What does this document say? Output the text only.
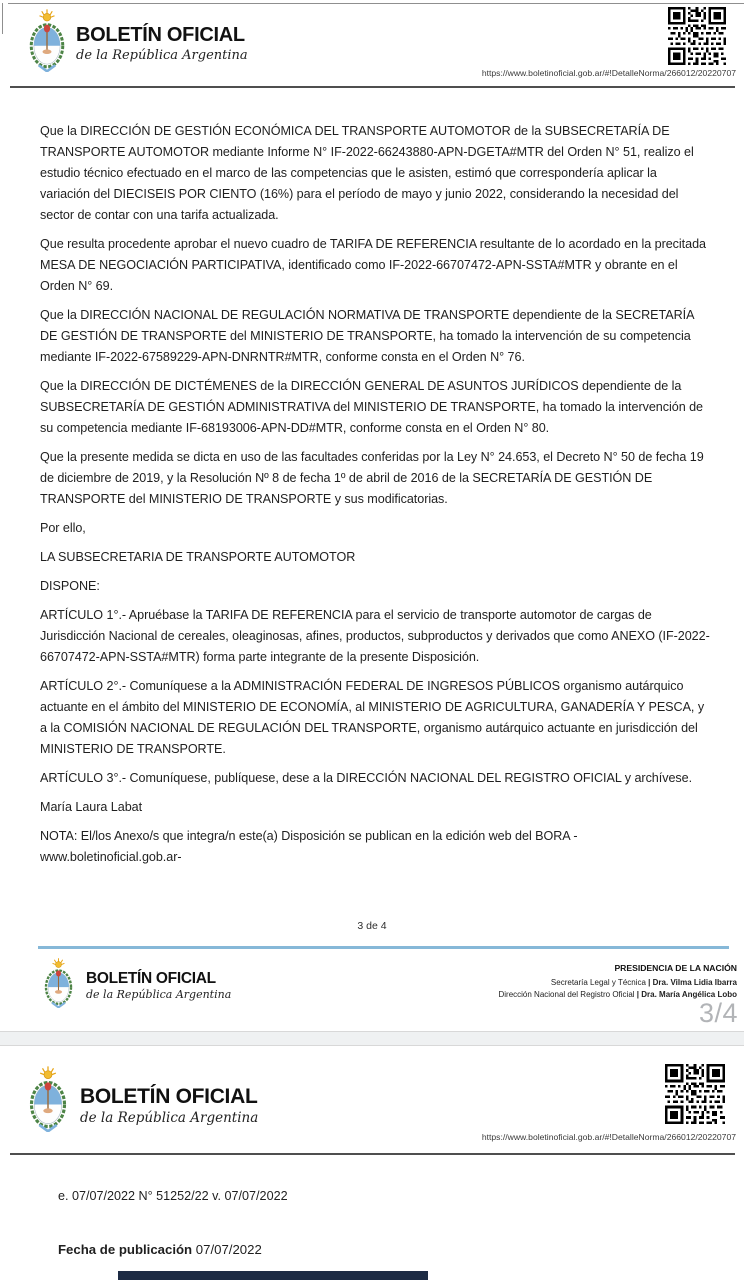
BOLETÍN OFICIAL
de la República Argentina
https://www.boletinoficial.gob.ar/#!DetalleNorma/266012/20220707

Que la DIRECCIÓN DE GESTIÓN ECONÓMICA DEL TRANSPORTE AUTOMOTOR de la SUBSECRETARÍA DE TRANSPORTE AUTOMOTOR mediante Informe N° IF-2022-66243880-APN-DGETA#MTR del Orden N° 51, realizo el estudio técnico efectuado en el marco de las competencias que le asisten, estimó que correspondería aplicar la variación del DIECISEIS POR CIENTO (16%) para el período de mayo y junio 2022, considerando la necesidad del sector de contar con una tarifa actualizada.

Que resulta procedente aprobar el nuevo cuadro de TARIFA DE REFERENCIA resultante de lo acordado en la precitada MESA DE NEGOCIACIÓN PARTICIPATIVA, identificado como IF-2022-66707472-APN-SSTA#MTR y obrante en el Orden N° 69.

Que la DIRECCIÓN NACIONAL DE REGULACIÓN NORMATIVA DE TRANSPORTE dependiente de la SECRETARÍA DE GESTIÓN DE TRANSPORTE del MINISTERIO DE TRANSPORTE, ha tomado la intervención de su competencia mediante IF-2022-67589229-APN-DNRNTR#MTR, conforme consta en el Orden N° 76.

Que la DIRECCIÓN DE DICTÉMENES de la DIRECCIÓN GENERAL DE ASUNTOS JURÍDICOS dependiente de la SUBSECRETARÍA DE GESTIÓN ADMINISTRATIVA del MINISTERIO DE TRANSPORTE, ha tomado la intervención de su competencia mediante IF-68193006-APN-DD#MTR, conforme consta en el Orden N° 80.

Que la presente medida se dicta en uso de las facultades conferidas por la Ley N° 24.653, el Decreto N° 50 de fecha 19 de diciembre de 2019, y la Resolución Nº 8 de fecha 1º de abril de 2016 de la SECRETARÍA DE GESTIÓN DE TRANSPORTE del MINISTERIO DE TRANSPORTE y sus modificatorias.

Por ello,

LA SUBSECRETARIA DE TRANSPORTE AUTOMOTOR

DISPONE:

ARTÍCULO 1°.- Apruébase la TARIFA DE REFERENCIA para el servicio de transporte automotor de cargas de Jurisdicción Nacional de cereales, oleaginosas, afines, productos, subproductos y derivados que como ANEXO (IF-2022-66707472-APN-SSTA#MTR) forma parte integrante de la presente Disposición.

ARTÍCULO 2°.- Comuníquese a la ADMINISTRACIÓN FEDERAL DE INGRESOS PÚBLICOS organismo autárquico actuante en el ámbito del MINISTERIO DE ECONOMÍA, al MINISTERIO DE AGRICULTURA, GANADERÍA Y PESCA, y a la COMISIÓN NACIONAL DE REGULACIÓN DEL TRANSPORTE, organismo autárquico actuante en jurisdicción del MINISTERIO DE TRANSPORTE.

ARTÍCULO 3°.- Comuníquese, publíquese, dese a la DIRECCIÓN NACIONAL DEL REGISTRO OFICIAL y archívese.

María Laura Labat

NOTA: El/los Anexo/s que integra/n este(a) Disposición se publican en la edición web del BORA -www.boletinoficial.gob.ar-

3 de 4
BOLETÍN OFICIAL
de la República Argentina
PRESIDENCIA DE LA NACIÓN
Secretaría Legal y Técnica | Dra. Vilma Lidia Ibarra
Dirección Nacional del Registro Oficial | Dra. María Angélica Lobo
3/4
BOLETÍN OFICIAL
de la República Argentina
https://www.boletinoficial.gob.ar/#!DetalleNorma/266012/20220707
e. 07/07/2022 N° 51252/22 v. 07/07/2022
Fecha de publicación 07/07/2022
